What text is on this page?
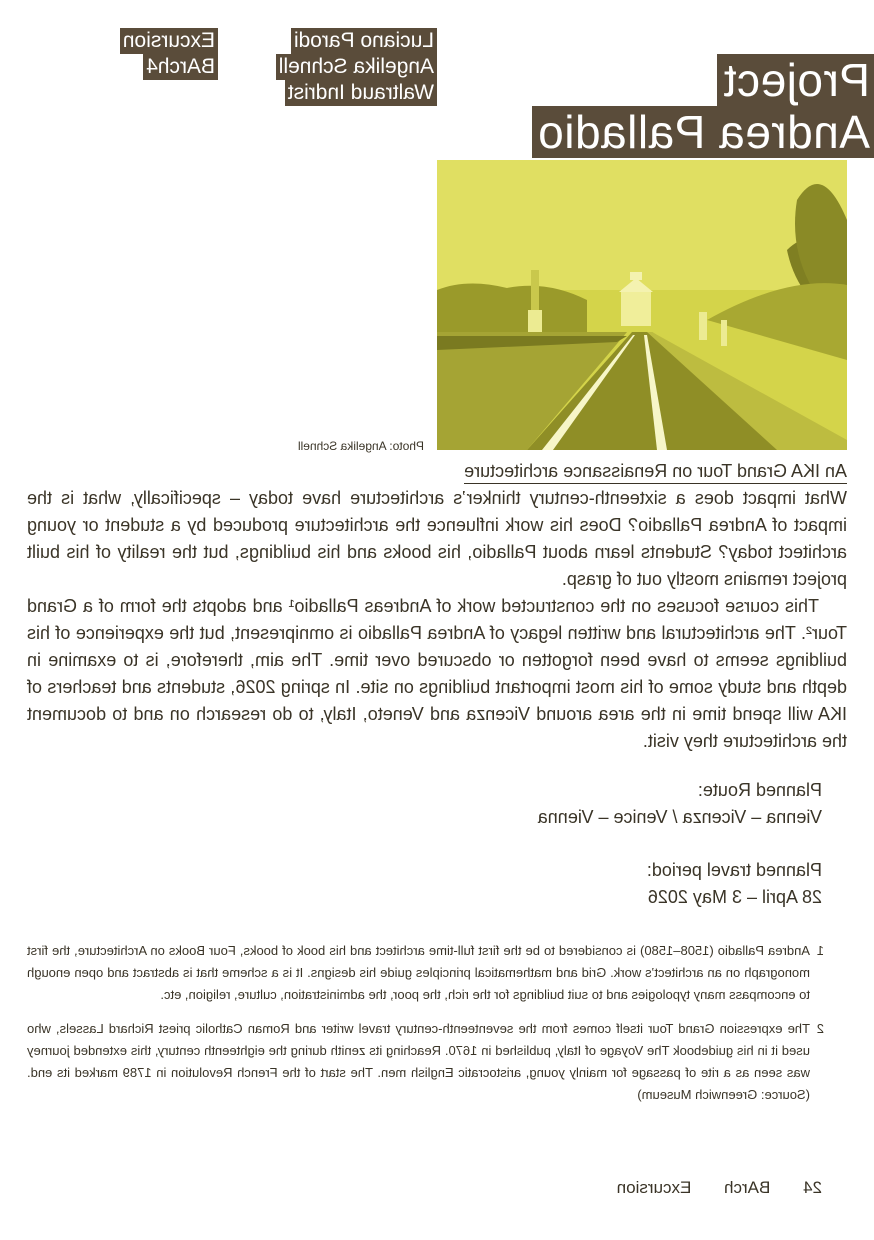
Excursion
BArch4
Luciano Parodi
Angelika Schnell
Waltraud Indrist	Project
Andrea Palladio
Photo: Angelika Schnell
An IKA Grand Tour on Renaissance architecture

What impact does a sixteenth-century thinker’s architecture have today – specifically, what is the impact of Andrea Palladio? Does his work influence the architecture produced by a student or young architect today? Students learn about Palladio, his books and his buildings, but the reality of his built project remains mostly out of grasp.

This course focuses on the constructed work of Andreas Palladio¹ and adopts the form of a Grand Tour². The architectural and written legacy of Andrea Palladio is omnipresent, but the experience of his buildings seems to have been forgotten or obscured over time. The aim, therefore, is to examine in depth and study some of his most important buildings on site. In spring 2026, students and teachers of IKA will spend time in the area around Vicenza and Veneto, Italy, to do research on and to document the architecture they visit.

Planned Route:
Vienna – Vicenza / Venice – Vienna
Planned travel period:
28 April – 3 May 2026
1
Andrea Palladio (1508–1580) is considered to be the first full-time architect and his book of books, Four Books on Architecture, the first monograph on an architect’s work. Grid and mathematical principles guide his designs. It is a scheme that is abstract and open enough to encompass many typologies and to suit buildings for the rich, the poor, the administration, culture, religion, etc.
2
The expression Grand Tour itself comes from the seventeenth-century travel writer and Roman Catholic priest Richard Lassels, who used it in his guidebook The Voyage of Italy, published in 1670. Reaching its zenith during the eighteenth century, this extended journey was seen as a rite of passage for mainly young, aristocratic English men. The start of the French Revolution in 1789 marked its end. (Source: Greenwich Museum)
24 BArch Excursion
